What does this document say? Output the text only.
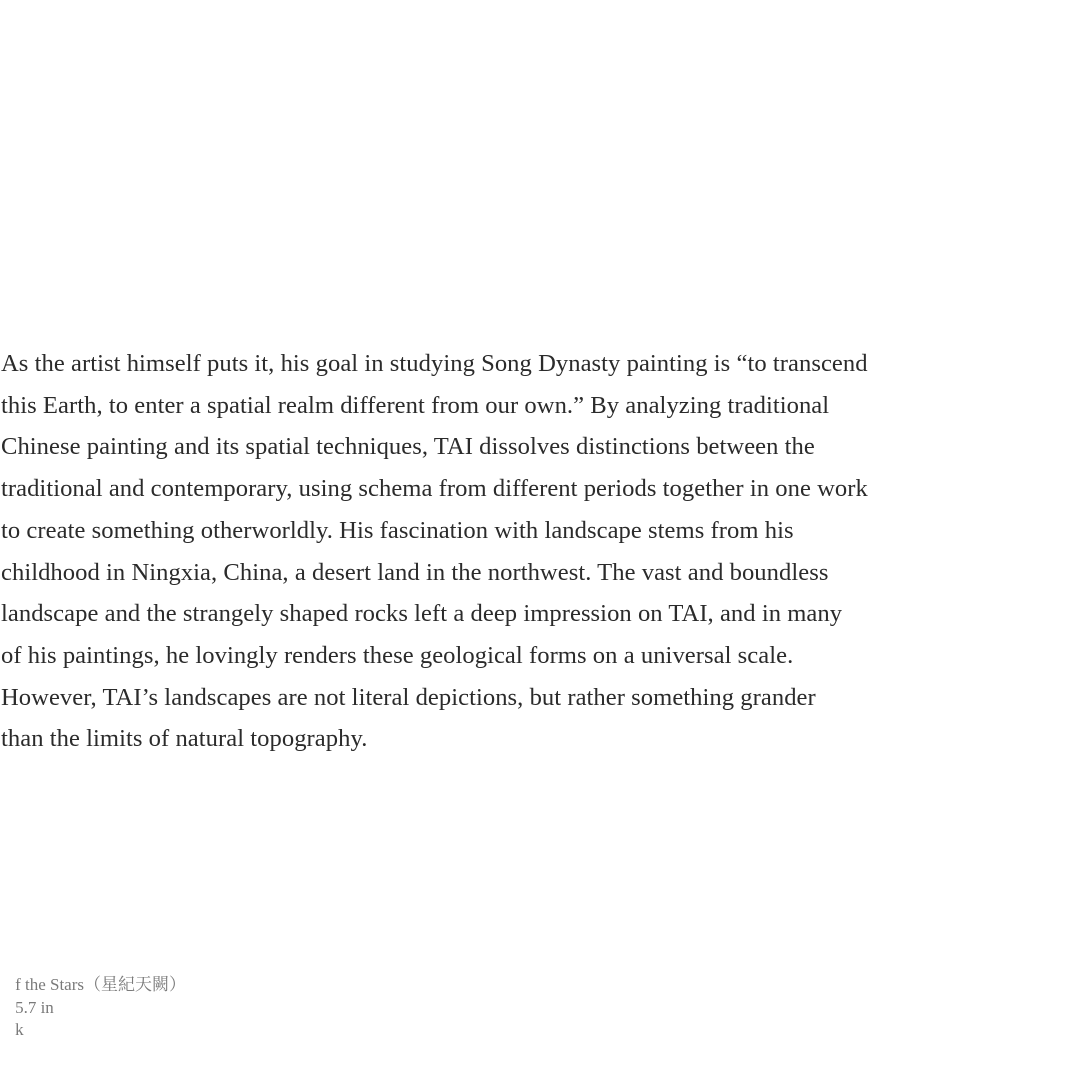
As the artist himself puts it, his goal in studying Song Dynasty painting is “to transcend
this Earth, to enter a spatial realm different from our own.” By analyzing traditional
Chinese painting and its spatial techniques, TAI dissolves distinctions between the
traditional and contemporary, using schema from different periods together in one work
to create something otherworldly. His fascination with landscape stems from his
childhood in Ningxia, China, a desert land in the northwest. The vast and boundless
landscape and the strangely shaped rocks left a deep impression on TAI, and in many
of his paintings, he lovingly renders these geological forms on a universal scale.
However, TAI’s landscapes are not literal depictions, but rather something grander
than the limits of natural topography.

f the Stars（星紀天闕）
5.7 in
k
